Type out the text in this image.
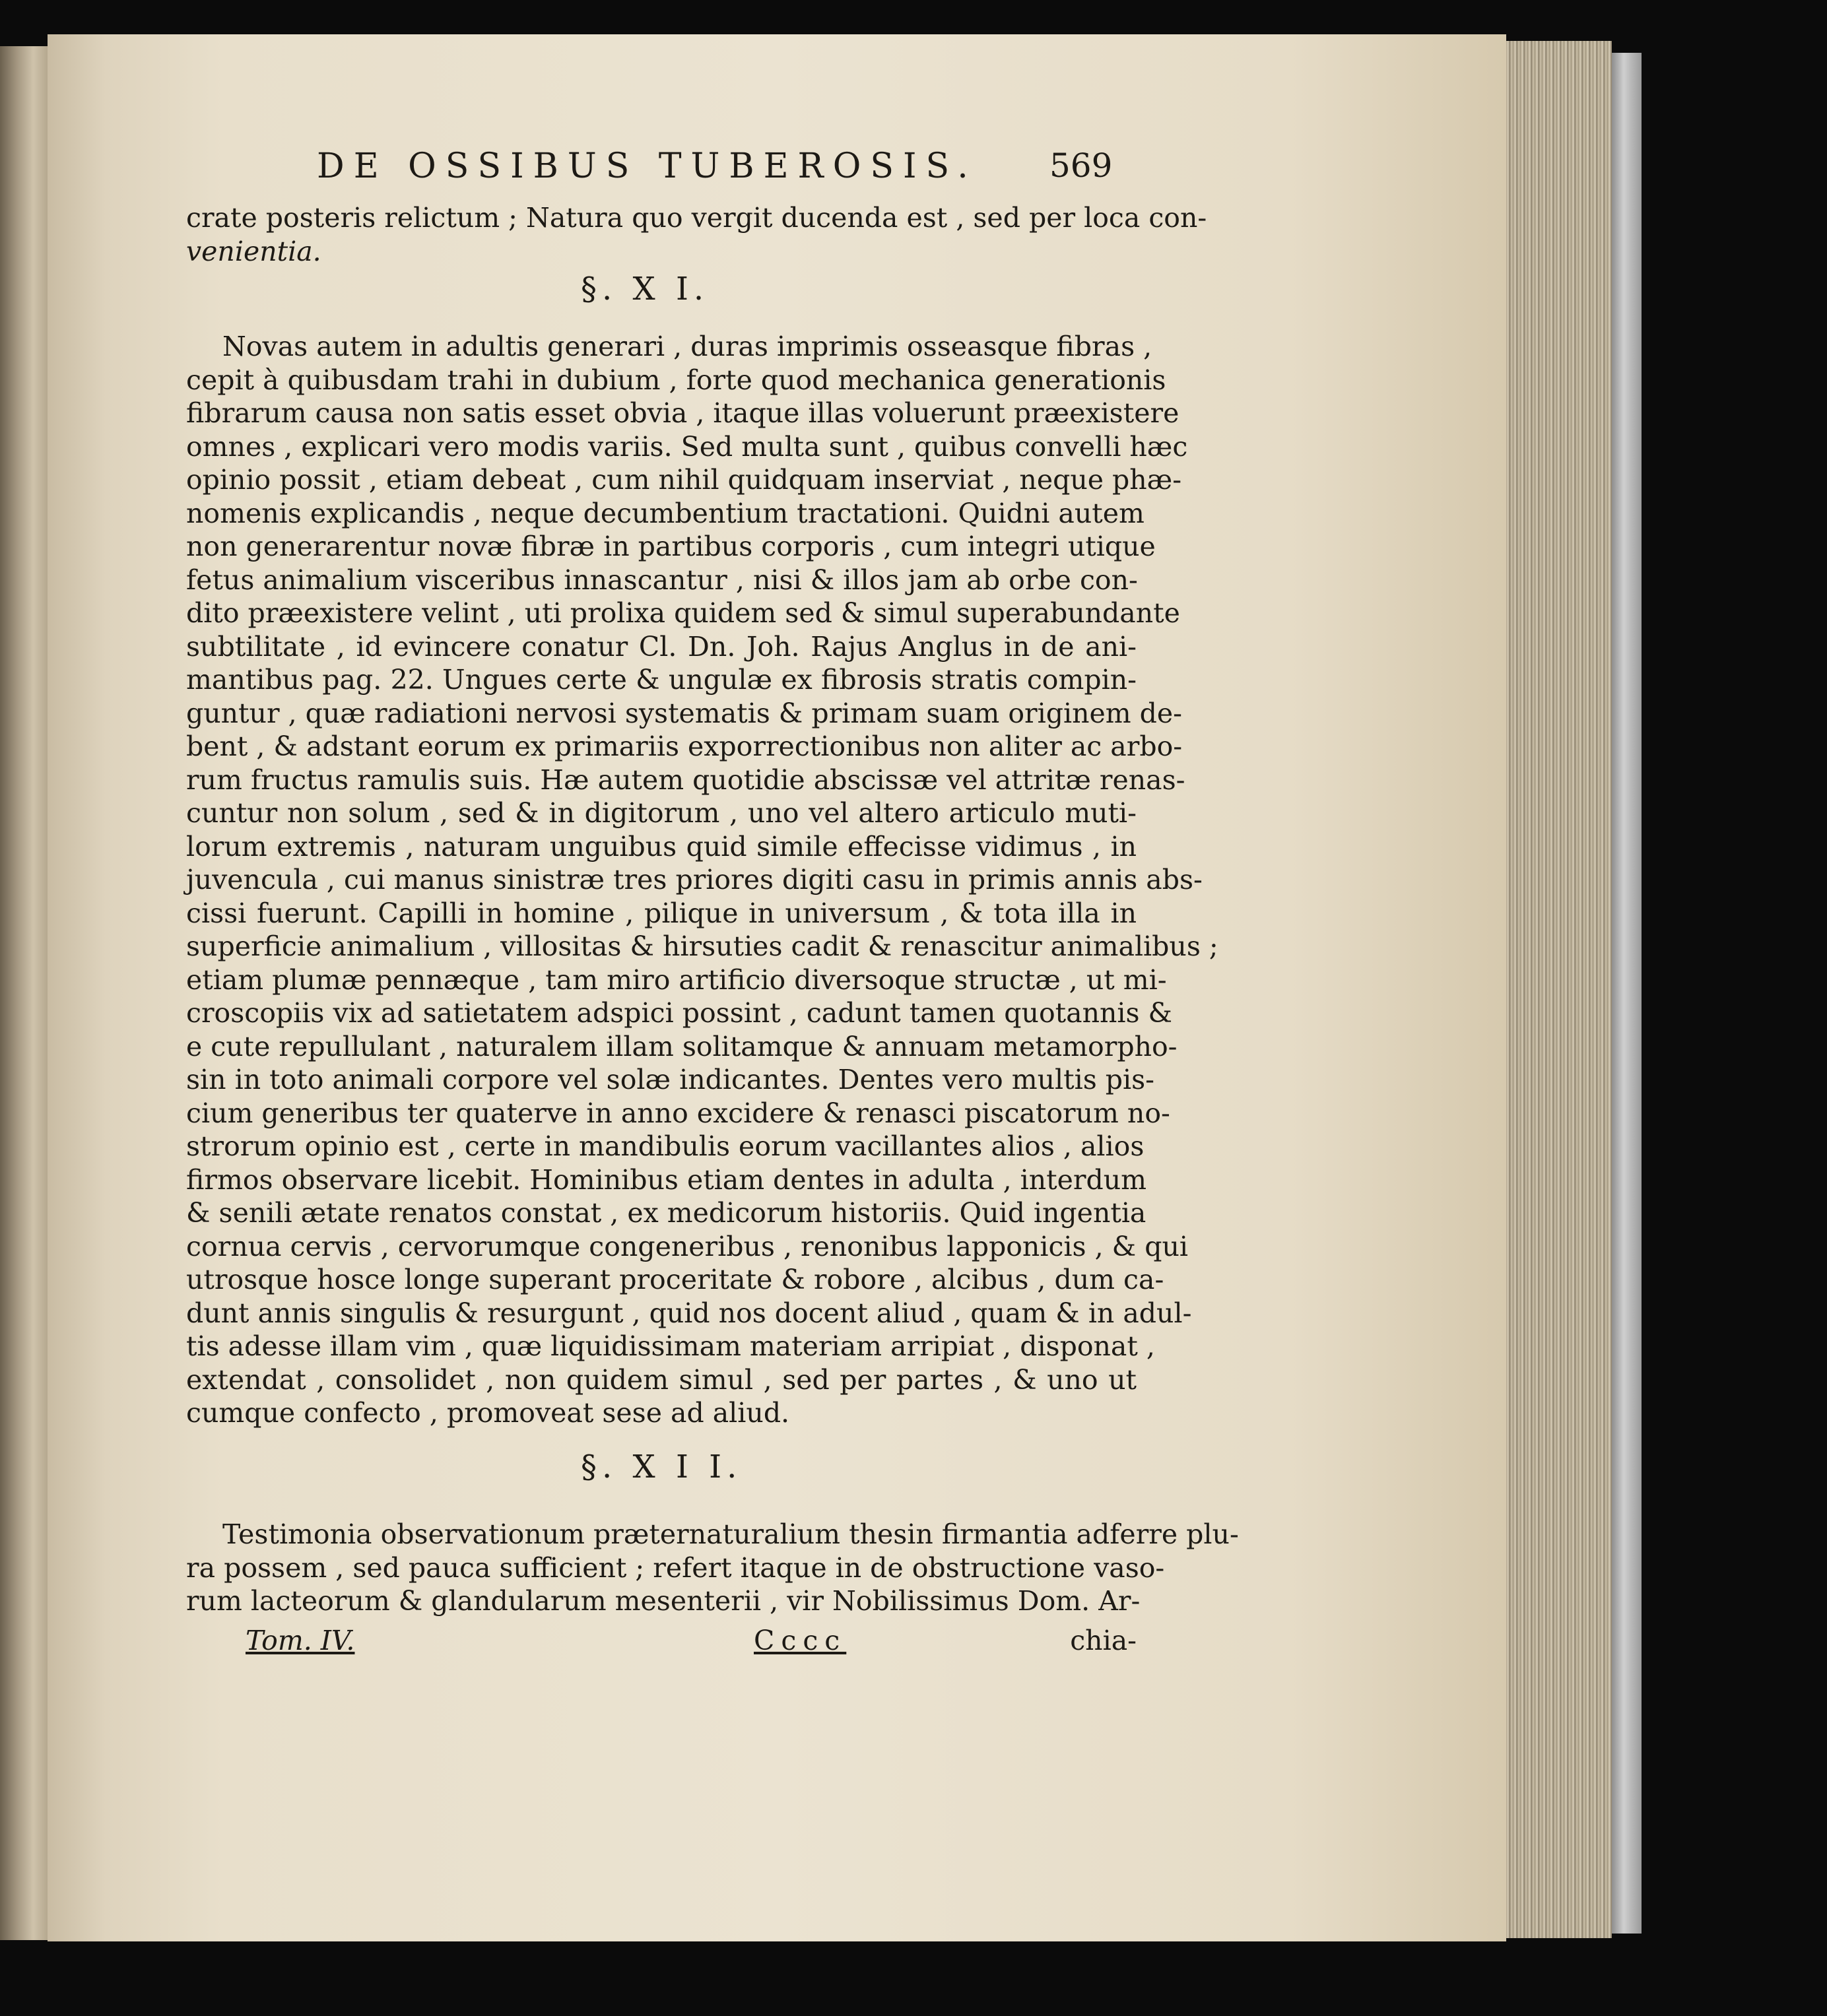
DE OSSIBUS TUBEROSIS. 569
crate posteris relictum ; Natura quo vergit ducenda est , sed per loca con-
venientia.
§. X I.
Novas autem in adultis generari , duras imprimis osseasque fibras ,
cepit à quibusdam trahi in dubium , forte quod mechanica generationis
fibrarum causa non satis esset obvia , itaque illas voluerunt præexistere
omnes , explicari vero modis variis. Sed multa sunt , quibus convelli hæc
opinio possit , etiam debeat , cum nihil quidquam inserviat , neque phæ-
nomenis explicandis , neque decumbentium tractationi. Quidni autem
non generarentur novæ fibræ in partibus corporis , cum integri utique
fetus animalium visceribus innascantur , nisi & illos jam ab orbe con-
dito præexistere velint , uti prolixa quidem sed & simul superabundante
subtilitate , id evincere conatur Cl. Dn. Joh. Rajus Anglus in de ani-
mantibus pag. 22. Ungues certe & ungulæ ex fibrosis stratis compin-
guntur , quæ radiationi nervosi systematis & primam suam originem de-
bent , & adstant eorum ex primariis exporrectionibus non aliter ac arbo-
rum fructus ramulis suis. Hæ autem quotidie abscissæ vel attritæ renas-
cuntur non solum , sed & in digitorum , uno vel altero articulo muti-
lorum extremis , naturam unguibus quid simile effecisse vidimus , in
juvencula , cui manus sinistræ tres priores digiti casu in primis annis abs-
cissi fuerunt. Capilli in homine , pilique in universum , & tota illa in
superficie animalium , villositas & hirsuties cadit & renascitur animalibus ;
etiam plumæ pennæque , tam miro artificio diversoque structæ , ut mi-
croscopiis vix ad satietatem adspici possint , cadunt tamen quotannis &
e cute repullulant , naturalem illam solitamque & annuam metamorpho-
sin in toto animali corpore vel solæ indicantes. Dentes vero multis pis-
cium generibus ter quaterve in anno excidere & renasci piscatorum no-
strorum opinio est , certe in mandibulis eorum vacillantes alios , alios
firmos observare licebit. Hominibus etiam dentes in adulta , interdum
& senili ætate renatos constat , ex medicorum historiis. Quid ingentia
cornua cervis , cervorumque congeneribus , renonibus lapponicis , & qui
utrosque hosce longe superant proceritate & robore , alcibus , dum ca-
dunt annis singulis & resurgunt , quid nos docent aliud , quam & in adul-
tis adesse illam vim , quæ liquidissimam materiam arripiat , disponat ,
extendat , consolidet , non quidem simul , sed per partes , & uno ut
cumque confecto , promoveat sese ad aliud.
§. X I I.
Testimonia observationum præternaturalium thesin firmantia adferre plu-
ra possem , sed pauca sufficient ; refert itaque in de obstructione vaso-
rum lacteorum & glandularum mesenterii , vir Nobilissimus Dom. Ar-
Tom. IV.	Cccc	chia-
